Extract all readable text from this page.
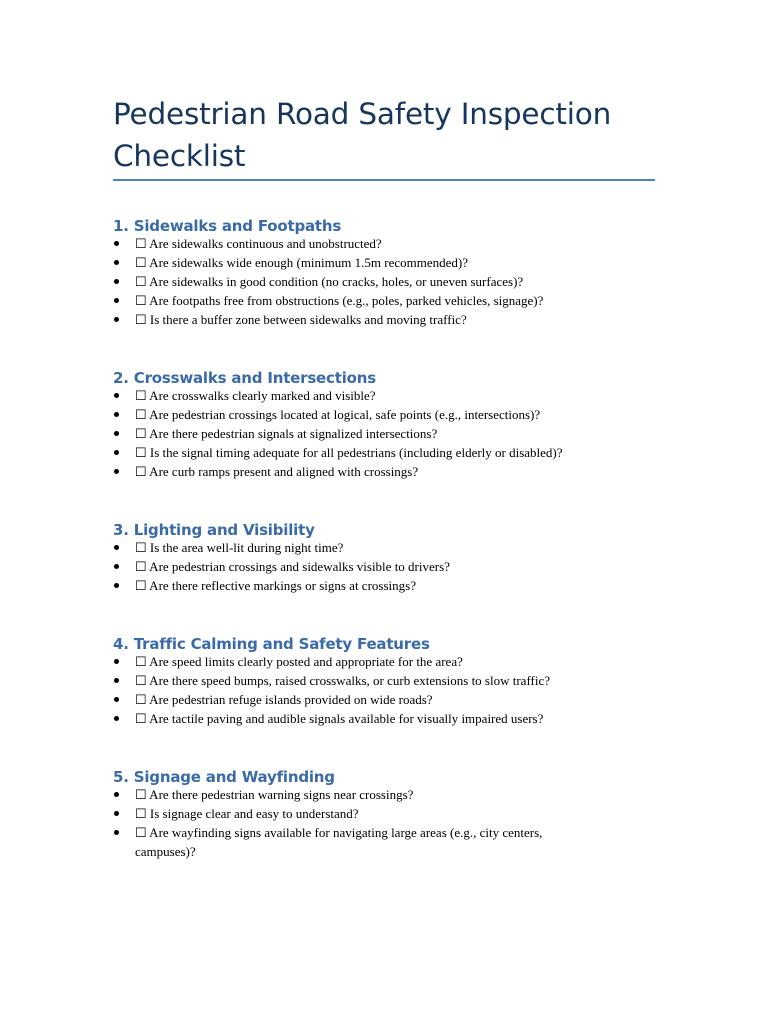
Pedestrian Road Safety Inspection Checklist
1. Sidewalks and Footpaths
☐ Are sidewalks continuous and unobstructed?
☐ Are sidewalks wide enough (minimum 1.5m recommended)?
☐ Are sidewalks in good condition (no cracks, holes, or uneven surfaces)?
☐ Are footpaths free from obstructions (e.g., poles, parked vehicles, signage)?
☐ Is there a buffer zone between sidewalks and moving traffic?
2. Crosswalks and Intersections
☐ Are crosswalks clearly marked and visible?
☐ Are pedestrian crossings located at logical, safe points (e.g., intersections)?
☐ Are there pedestrian signals at signalized intersections?
☐ Is the signal timing adequate for all pedestrians (including elderly or disabled)?
☐ Are curb ramps present and aligned with crossings?
3. Lighting and Visibility
☐ Is the area well-lit during night time?
☐ Are pedestrian crossings and sidewalks visible to drivers?
☐ Are there reflective markings or signs at crossings?
4. Traffic Calming and Safety Features
☐ Are speed limits clearly posted and appropriate for the area?
☐ Are there speed bumps, raised crosswalks, or curb extensions to slow traffic?
☐ Are pedestrian refuge islands provided on wide roads?
☐ Are tactile paving and audible signals available for visually impaired users?
5. Signage and Wayfinding
☐ Are there pedestrian warning signs near crossings?
☐ Is signage clear and easy to understand?
☐ Are wayfinding signs available for navigating large areas (e.g., city centers, campuses)?
